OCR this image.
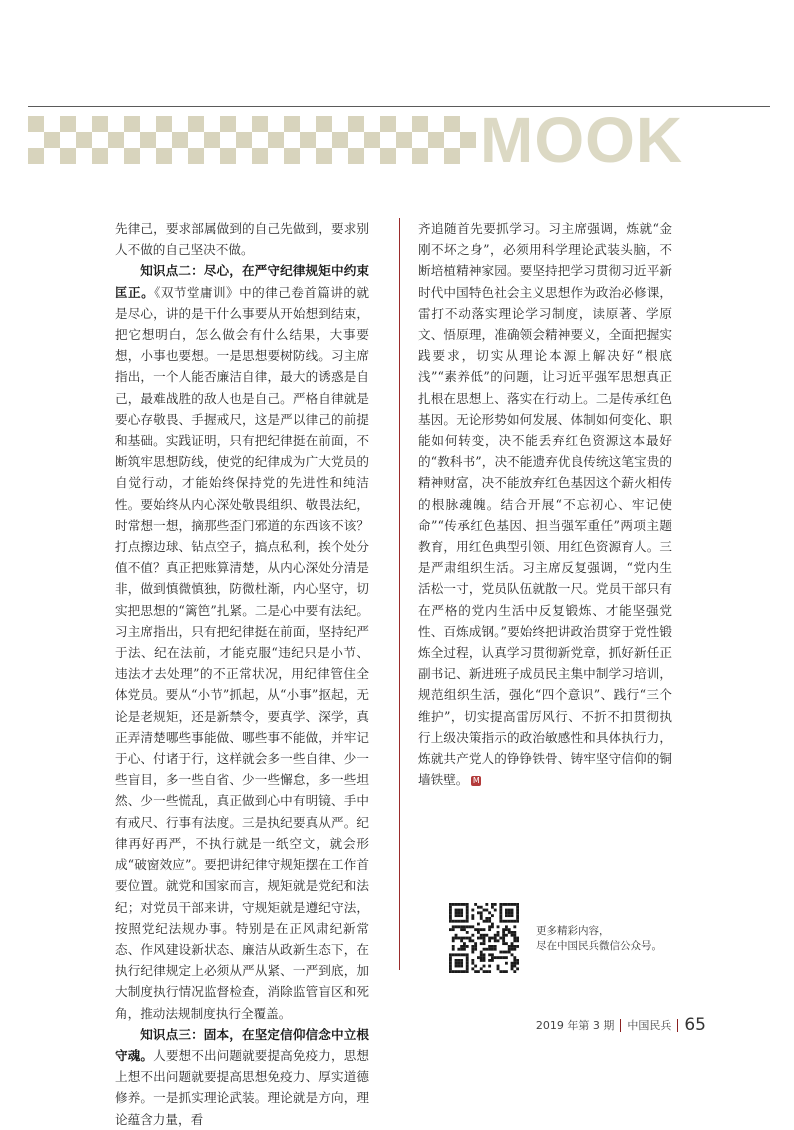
MOOK

先律己，要求部属做到的自己先做到，要求别人不做的自己坚决不做。

知识点二：尽心，在严守纪律规矩中约束匡正。《双节堂庸训》中的律己卷首篇讲的就是尽心，讲的是干什么事要从开始想到结束，把它想明白，怎么做会有什么结果，大事要想，小事也要想。一是思想要树防线。习主席指出，一个人能否廉洁自律，最大的诱惑是自己，最难战胜的敌人也是自己。严格自律就是要心存敬畏、手握戒尺，这是严以律己的前提和基础。实践证明，只有把纪律挺在前面，不断筑牢思想防线，使党的纪律成为广大党员的自觉行动，才能始终保持党的先进性和纯洁性。要始终从内心深处敬畏组织、敬畏法纪，时常想一想，摘那些歪门邪道的东西该不该？打点擦边球、钻点空子，搞点私利，挨个处分值不值？真正把账算清楚，从内心深处分清是非，做到慎微慎独，防微杜渐，内心坚守，切实把思想的“篱笆”扎紧。二是心中要有法纪。习主席指出，只有把纪律挺在前面，坚持纪严于法、纪在法前，才能克服“违纪只是小节、违法才去处理”的不正常状况，用纪律管住全体党员。要从“小节”抓起，从“小事”抠起，无论是老规矩，还是新禁令，要真学、深学，真正弄清楚哪些事能做、哪些事不能做，并牢记于心、付诸于行，这样就会多一些自律、少一些盲目，多一些自省、少一些懈怠，多一些坦然、少一些慌乱，真正做到心中有明镜、手中有戒尺、行事有法度。三是执纪要真从严。纪律再好再严，不执行就是一纸空文，就会形成“破窗效应”。要把讲纪律守规矩摆在工作首要位置。就党和国家而言，规矩就是党纪和法纪；对党员干部来讲，守规矩就是遵纪守法，按照党纪法规办事。特别是在正风肃纪新常态、作风建设新状态、廉洁从政新生态下，在执行纪律规定上必须从严从紧、一严到底，加大制度执行情况监督检查，消除监管盲区和死角，推动法规制度执行全覆盖。

知识点三：固本，在坚定信仰信念中立根守魂。人要想不出问题就要提高免疫力，思想上想不出问题就要提高思想免疫力、厚实道德修养。一是抓实理论武装。理论就是方向，理论蕴含力量，看

齐追随首先要抓学习。习主席强调，炼就“金刚不坏之身”，必须用科学理论武装头脑，不断培植精神家园。要坚持把学习贯彻习近平新时代中国特色社会主义思想作为政治必修课，雷打不动落实理论学习制度，读原著、学原文、悟原理，准确领会精神要义，全面把握实践要求，切实从理论本源上解决好“根底浅”“素养低”的问题，让习近平强军思想真正扎根在思想上、落实在行动上。二是传承红色基因。无论形势如何发展、体制如何变化、职能如何转变，决不能丢弃红色资源这本最好的“教科书”，决不能遗弃优良传统这笔宝贵的精神财富，决不能放弃红色基因这个薪火相传的根脉魂魄。结合开展“不忘初心、牢记使命”“传承红色基因、担当强军重任”两项主题教育，用红色典型引领、用红色资源育人。三是严肃组织生活。习主席反复强调，“党内生活松一寸，党员队伍就散一尺。党员干部只有在严格的党内生活中反复锻炼、才能坚强党性、百炼成钢。”要始终把讲政治贯穿于党性锻炼全过程，认真学习贯彻新党章，抓好新任正副书记、新进班子成员民主集中制学习培训，规范组织生活，强化“四个意识”、践行“三个维护”，切实提高雷厉风行、不折不扣贯彻执行上级决策指示的政治敏感性和具体执行力，炼就共产党人的铮铮铁骨、铸牢坚守信仰的铜墙铁壁。 M

更多精彩内容，
尽在中国民兵微信公众号。
2019 年第 3 期 中国民兵 65
